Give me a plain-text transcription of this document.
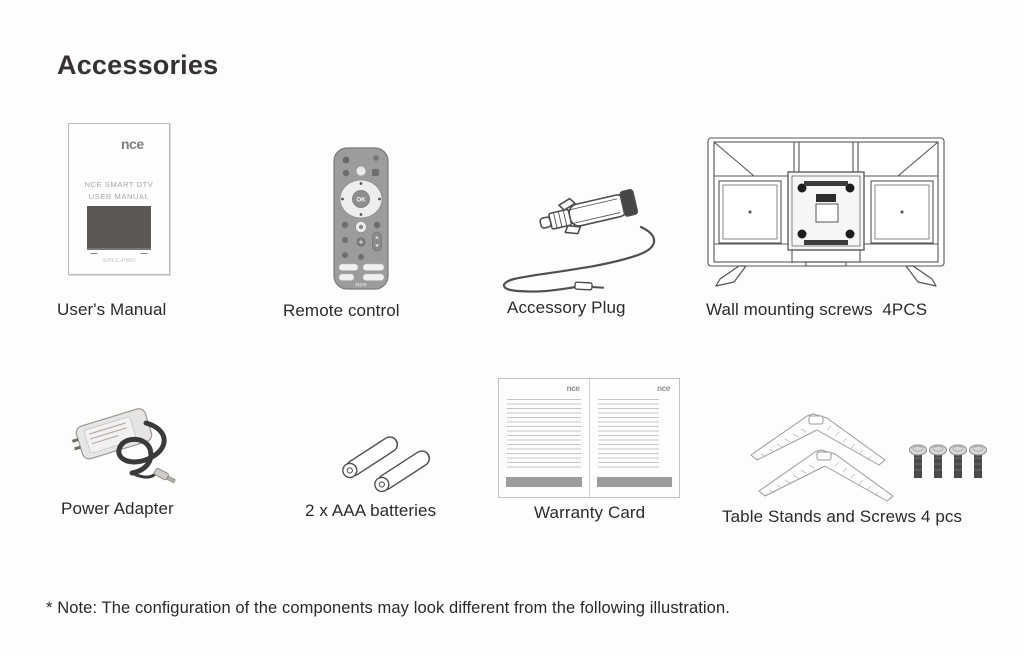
Accessories
nce
NCE SMART DTV
USER MANUAL
32N-C-P800
User's Manual
OK
nce
Remote control	Accessory Plug	Wall mounting screws  4PCS
Power Adapter	2 x AAA batteries
nce	nce
Warranty Card	Table Stands and Screws 4 pcs
* Note: The configuration of the components may look different from the following illustration.
